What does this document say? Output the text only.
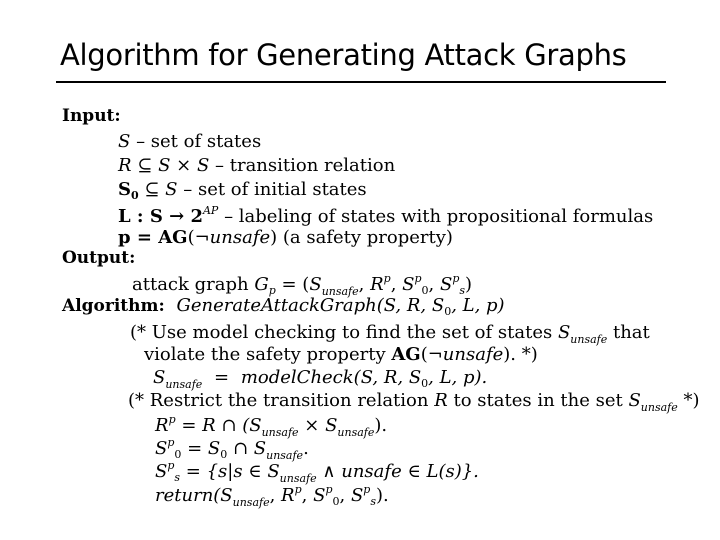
Algorithm for Generating Attack Graphs
Input:
S – set of states
R ⊆ S × S – transition relation
$S_0$ ⊆ S – set of initial states
L : $S \to 2^{AP}$ – labeling of states with propositional formulas
p = AG(¬unsafe) (a safety property)
Output:
attack graph $G_p = (S_{unsafe}$, $R^p$, $S^p_0$, $S^p_s$)
Algorithm: GenerateAttackGraph(S, R, $S_0$, L, p)
(* Use model checking to find the set of states $S_{unsafe}$ that
violate the safety property AG(¬unsafe). *)
$S_{unsafe}$ = modelCheck(S, R, $S_0$, L, p).
(* Restrict the transition relation R to states in the set $S_{unsafe}$ *)
$R^p = R$ ∩ $(S_{unsafe} \times S_{unsafe})$.
$S^p_0 = S_0$ ∩ $S_{unsafe}$.
$S^p_s = \{s|s$ ∈ $S_{unsafe}$ ∧ unsafe ∈ L(s)}.
$return(S_{unsafe}$, $R^p$, $S^p_0$, $S^p_s$).
